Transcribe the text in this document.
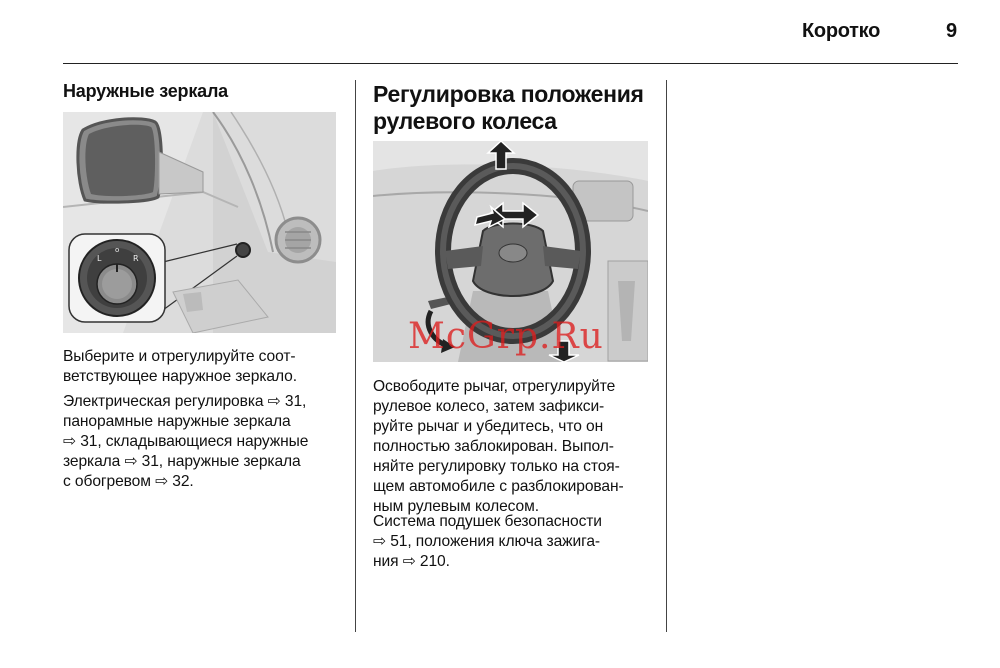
Коротко	9
Наружные зеркала
L
o
R

Выберите и отрегулируйте соот-

ветствующее наружное зеркало.

Электрическая регулировка ⇨ 31,

панорамные наружные зеркала

⇨ 31, складывающиеся наружные

зеркала ⇨ 31, наружные зеркала

с обогревом ⇨ 32.

Регулировка положения
рулевого колеса

Освободите рычаг, отрегулируйте

рулевое колесо, затем зафикси-

руйте рычаг и убедитесь, что он

полностью заблокирован. Выпол-

няйте регулировку только на стоя-

щем автомобиле с разблокирован-

ным рулевым колесом.

Система подушек безопасности

⇨ 51, положения ключа зажига-

ния ⇨ 210.

McGrp.Ru
